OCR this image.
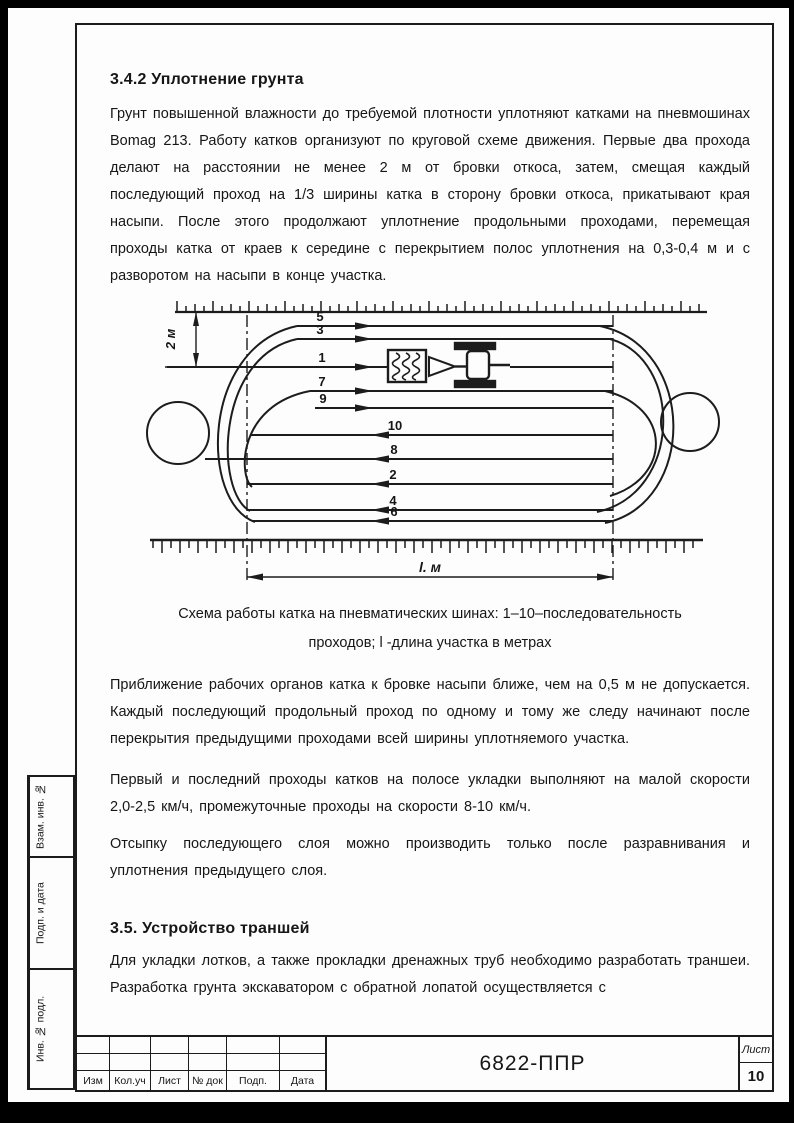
3.4.2 Уплотнение грунта

Грунт повышенной влажности до требуемой плотности уплотняют катками на пневмошинах Bomag 213. Работу катков организуют по круговой схеме движения. Первые два прохода делают на расстоянии не менее 2 м от бровки откоса, затем, смещая каждый последующий проход на 1/3 ширины катка в сторону бровки откоса, прикатывают края насыпи. После этого продолжают уплотнение продольными проходами, перемещая проходы катка от краев к середине с перекрытием полос уплотнения на 0,3-0,4 м и с разворотом на насыпи в конце участка.

Схема работы катка на пневматических шинах: 1–10–последовательность
проходов; l -длина участка в метрах

Приближение рабочих органов катка к бровке насыпи ближе, чем на 0,5 м не допускается. Каждый последующий продольный проход по одному и тому же следу начинают после перекрытия предыдущими проходами всей ширины уплотняемого участка.

Первый и последний проходы катков на полосе укладки выполняют на малой скорости 2,0-2,5 км/ч, промежуточные проходы на скорости 8-10 км/ч.

Отсыпку последующего слоя можно производить только после разравнивания и уплотнения предыдущего слоя.

3.5. Устройство траншей

Для укладки лотков, а также прокладки дренажных труб необходимо разработать траншеи. Разработка грунта экскаватором с обратной лопатой осуществляется с

5
3
1
7
9
10
8
2
4
6
2 м
l. м
Взам. инв. №
Подп. и дата
Инв. № подл.
Изм	Кол.уч	Лист	№ док	Подп.	Дата
6822-ППР
Лист
10
